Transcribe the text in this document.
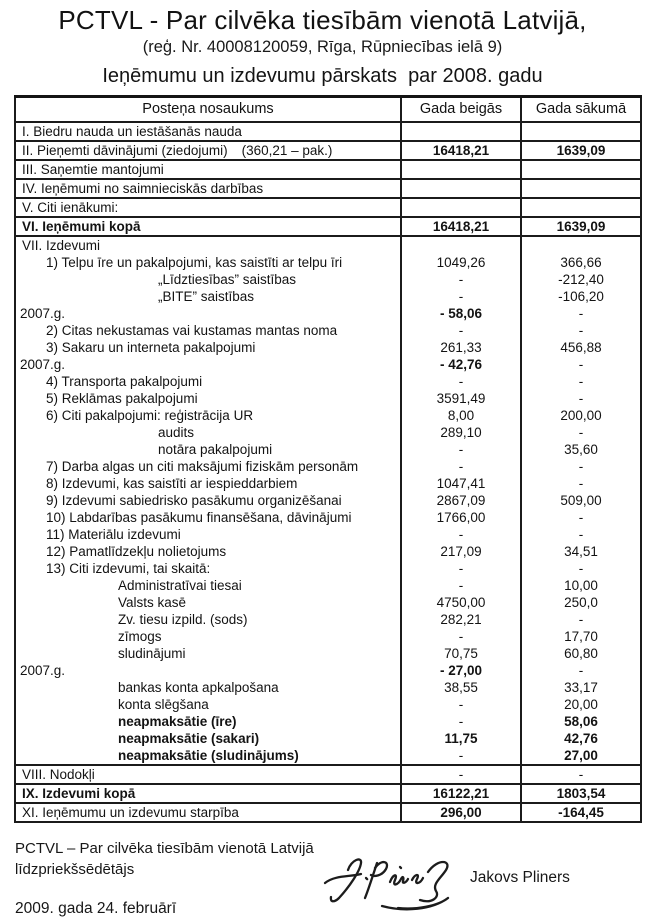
PCTVL - Par cilvēka tiesībām vienotā Latvijā,
(reģ. Nr. 40008120059, Rīga, Rūpniecības ielā 9)
Ieņēmumu un izdevumu pārskats  par 2008. gadu
Posteņa nosaukums	Gada beigās	Gada sākumā
I. Biedru nauda un iestāšanās nauda		
II. Pieņemti dāvinājumi (ziedojumi) (360,21 – pak.)	16418,21	1639,09
III. Saņemtie mantojumi		
IV. Ieņēmumi no saimnieciskās darbības		
V. Citi ienākumi:		
VI. Ieņēmumi kopā	16418,21	1639,09
VII. Izdevumi		
1) Telpu īre un pakalpojumi, kas saistīti ar telpu īri	1049,26	366,66
„Līdztiesības” saistības	-	-212,40
„BITE” saistības	-	-106,20
2007.g.	- 58,06	-
2) Citas nekustamas vai kustamas mantas noma	-	-
3) Sakaru un interneta pakalpojumi	261,33	456,88
2007.g.	- 42,76	-
4) Transporta pakalpojumi	-	-
5) Reklāmas pakalpojumi	3591,49	-
6) Citi pakalpojumi: reģistrācija UR	8,00	200,00
audits	289,10	-
notāra pakalpojumi	-	35,60
7) Darba algas un citi maksājumi fiziskām personām	-	-
8) Izdevumi, kas saistīti ar iespieddarbiem	1047,41	-
9) Izdevumi sabiedrisko pasākumu organizēšanai	2867,09	509,00
10) Labdarības pasākumu finansēšana, dāvinājumi	1766,00	-
11) Materiālu izdevumi	-	-
12) Pamatlīdzekļu nolietojums	217,09	34,51
13) Citi izdevumi, tai skaitā:	-	-
Administratīvai tiesai	-	10,00
Valsts kasē	4750,00	250,0
Zv. tiesu izpild. (sods)	282,21	-
zīmogs	-	17,70
sludinājumi	70,75	60,80
2007.g.	- 27,00	-
bankas konta apkalpošana	38,55	33,17
konta slēgšana	-	20,00
neapmaksātie (īre)	-	58,06
neapmaksātie (sakari)	11,75	42,76
neapmaksātie (sludinājums)	-	27,00
VIII. Nodokļi	-	-
IX. Izdevumi kopā	16122,21	1803,54
XI. Ieņēmumu un izdevumu starpība	296,00	-164,45
PCTVL – Par cilvēka tiesībām vienotā Latvijā
līdzpriekšsēdētājs	Jakovs Pliners
2009. gada 24. februārī
